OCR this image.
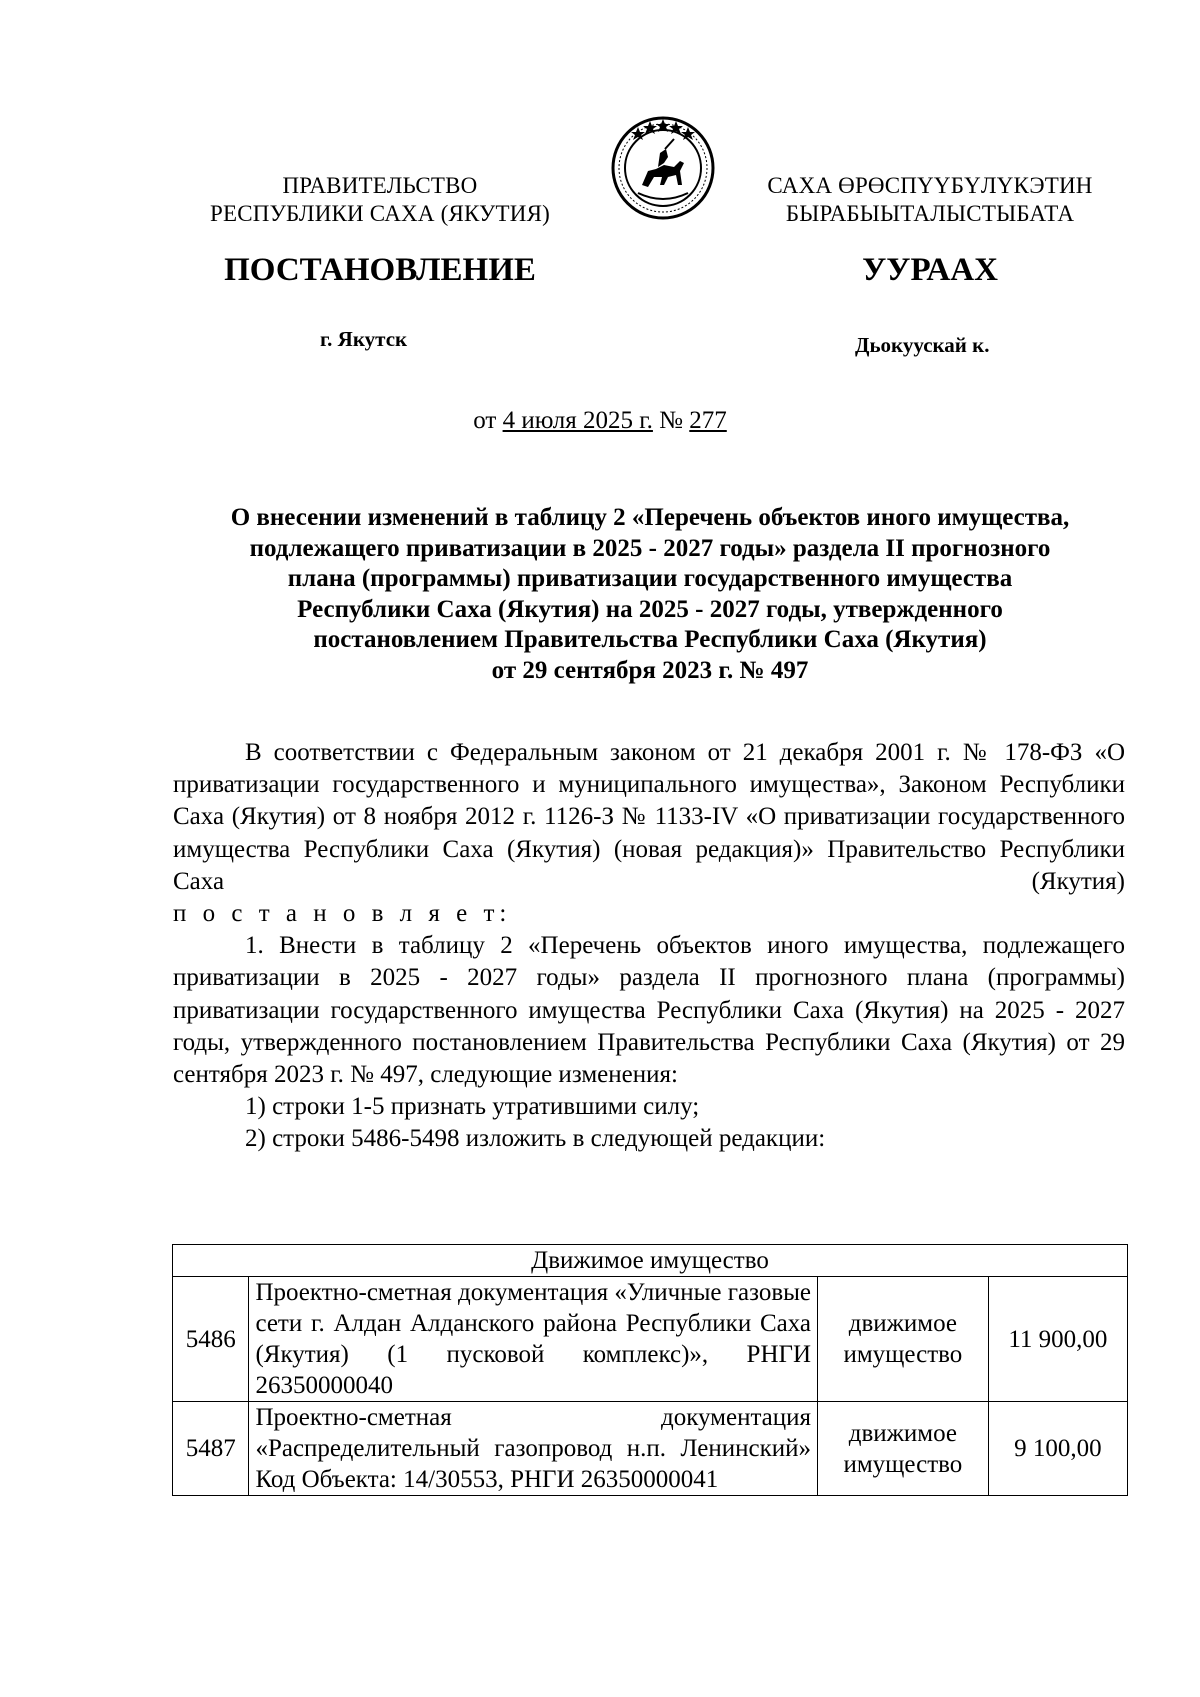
ПРАВИТЕЛЬСТВО
РЕСПУБЛИКИ САХА (ЯКУТИЯ)
САХА ӨРӨСПҮҮБҮЛҮКЭТИН
БЫРАБЫЫТАЛЫСТЫБАТА
ПОСТАНОВЛЕНИЕ	УУРААХ
г. Якутск	Дьокуускай к.
от 4 июля 2025 г. № 277
О внесении изменений в таблицу 2 «Перечень объектов иного имущества,
подлежащего приватизации в 2025 - 2027 годы» раздела II прогнозного
плана (программы) приватизации государственного имущества
Республики Саха (Якутия) на 2025 - 2027 годы, утвержденного
постановлением Правительства Республики Саха (Якутия)
от 29 сентября 2023 г. № 497

В соответствии с Федеральным законом от 21 декабря 2001 г. № 178-ФЗ «О приватизации государственного и муниципального имущества», Законом Республики Саха (Якутия) от 8 ноября 2012 г. 1126-З № 1133-IV «О приватизации государственного имущества Республики Саха (Якутия) (новая редакция)» Правительство Республики Саха (Якутия)

п о с т а н о в л я е т:

1. Внести в таблицу 2 «Перечень объектов иного имущества, подлежащего приватизации в 2025 - 2027 годы» раздела II прогнозного плана (программы) приватизации государственного имущества Республики Саха (Якутия) на 2025 - 2027 годы, утвержденного постановлением Правительства Республики Саха (Якутия) от 29 сентября 2023 г. № 497, следующие изменения:

1) строки 1-5 признать утратившими силу;

2) строки 5486-5498 изложить в следующей редакции:

Движимое имущество			
5486	Проектно-сметная документация «Уличные газовые сети г. Алдан Алданского района Республики Саха (Якутия) (1 пусковой комплекс)», РНГИ 26350000040	движимое имущество	11 900,00
5487	Проектно-сметная документация «Распределительный газопровод н.п. Ленинский» Код Объекта: 14/30553, РНГИ 26350000041	движимое имущество	9 100,00
